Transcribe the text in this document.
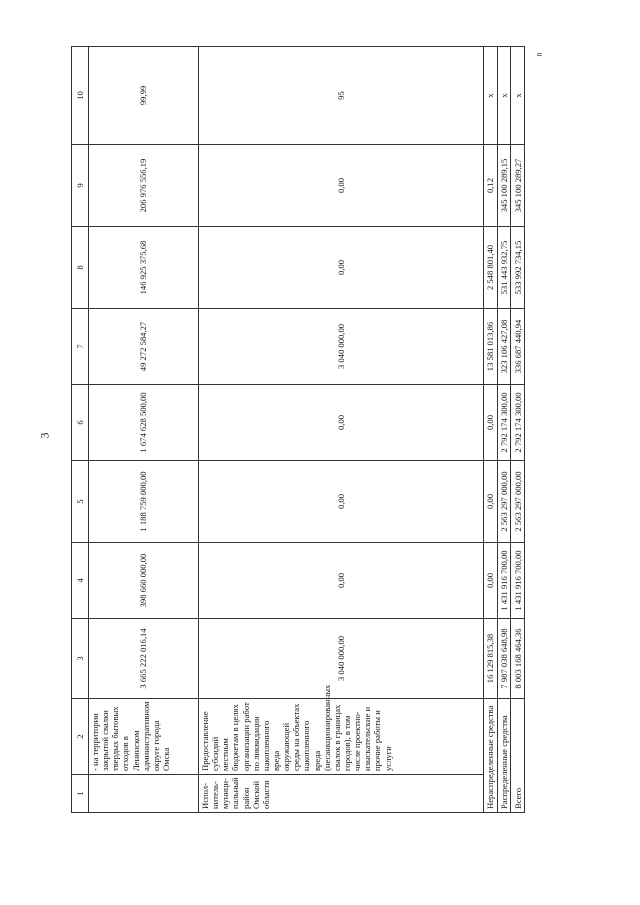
3
1	2	3	4	5	6	7	8	9	10
	- на территории закрытой свалки твердых бытовых отходов в Ленинском административном округе города Омска	3 665 222 016,14	398 660 000,00	1 188 759 000,00	1 674 628 500,00	49 272 584,27	146 925 375,68	206 976 556,19	99,99
Испол-нитель-муници-пальный район Омской области	Предоставление субсидий местным бюджетам в целях организации работ по ликвидации накопленного вреда окружающей среды на объектах накопленного вреда (несанкционированных свалок в границах городов), в том числе проектно-изыскательские и прочие работы и услуги	3 040 000,00	0,00	0,00	0,00	3 040 000,00	0,00	0,00	95
Нераспределенные средства		16 129 815,38	0,00	0,00	0,00	13 581 013,86	2 548 801,40	0,12	х
Распределенные средства		7 987 038 648,98	1 431 916 700,00	2 563 297 000,00	2 792 174 300,00	323 106 427,08	531 443 932,75	345 100 289,15	х
Всего		8 003 168 464,36	1 431 916 700,00	2 563 297 000,00	2 792 174 300,00	336 687 440,94	533 992 734,15	345 100 289,27	х
n
